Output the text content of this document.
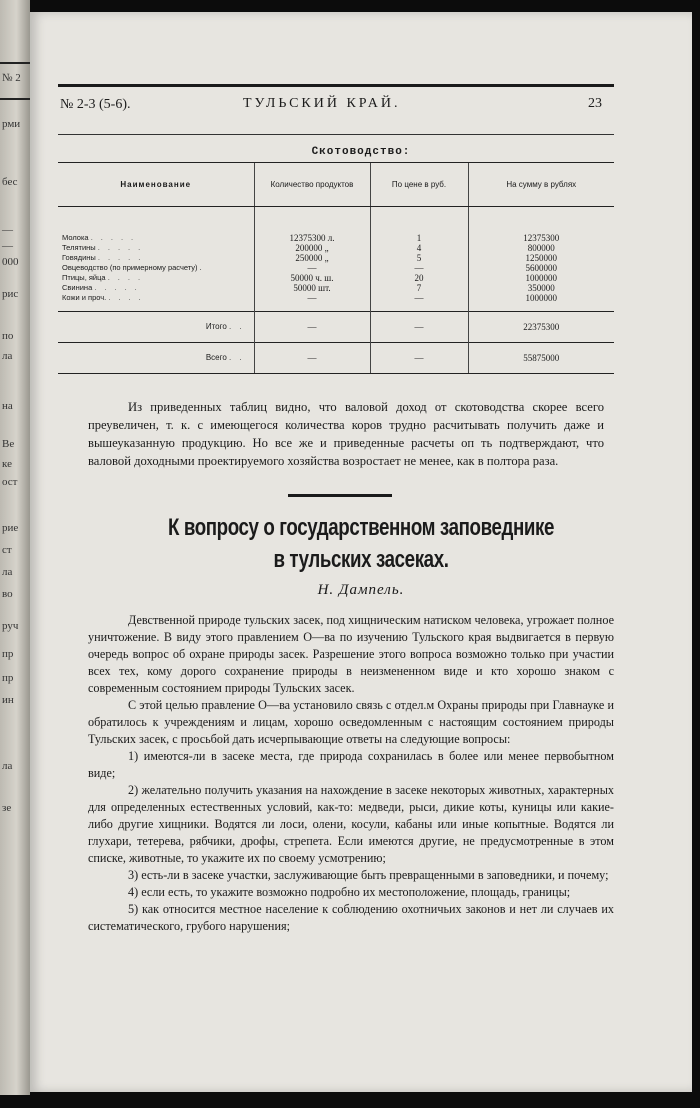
№ 2
рми
бес
—
—
000
рис
по
ла
на
Ве
ке
ост
рие
ст
ла
во
руч
пр
пр
ин
ла
зе
№ 2-3 (5-6).	ТУЛЬСКИЙ КРАЙ.	23
Скотоводство:
Наименование	Количество продуктов	По цене в руб.	На сумму в рублях

Молока .....	12375300 л.	1	12375300
Телятины .....	200000 „	4	800000
Говядины .....	250000 „	5	1250000
Овцеводство (по примерному расчету) .	—	—	5600000
Птицы, яйца ....	50000 ч. ш.	20	1000000
Свинина .....	50000 шт.	7	350000
Кожи и проч. ....	—	—	1000000
Итого ..	—	—	22375300
Всего ..	—	—	55875000
Из приведенных таблиц видно, что валовой доход от скотоводства скорее всего преувеличен, т. к. с имеющегося количества коров трудно расчитывать получить даже и вышеуказанную продукцию. Но все же и приведенные расчеты оп ть подтверждают, что валовой доходными проектируемого хозяйства возростает не менее, как в полтора раза.
К вопросу о государственном заповеднике
в тульских засеках.
Н. Дампель.

Девственной природе тульских засек, под хищническим натиском человека, угрожает полное уничтожение. В виду этого правлением О—ва по изучению Тульского края выдвигается в первую очередь вопрос об охране природы засек. Разрешение этого вопроса возможно только при участии всех тех, кому дорого сохранение природы в неизмененном виде и кто хорошо знаком с современным состоянием природы Тульских засек.

С этой целью правление О—ва установило связь с отдел.м Охраны природы при Главнауке и обратилось к учреждениям и лицам, хорошо осведомленным с настоящим состоянием природы Тульских засек, с просьбой дать исчерпывающие ответы на следующие вопросы:

1) имеются-ли в засеке места, где природа сохранилась в более или менее первобытном виде;

2) желательно получить указания на нахождение в засеке некоторых животных, характерных для определенных естественных условий, как-то: медведи, рыси, дикие коты, куницы или какие-либо другие хищники. Водятся ли лоси, олени, косули, кабаны или иные копытные. Водятся ли глухари, тетерева, рябчики, дрофы, стрепета. Если имеются другие, не предусмотренные в этом списке, животные, то укажите их по своему усмотрению;

3) есть-ли в засеке участки, заслуживающие быть превращенными в заповедники, и почему;

4) если есть, то укажите возможно подробно их местоположение, площадь, границы;

5) как относится местное население к соблюдению охотничьих законов и нет ли случаев их систематического, грубого нарушения;
